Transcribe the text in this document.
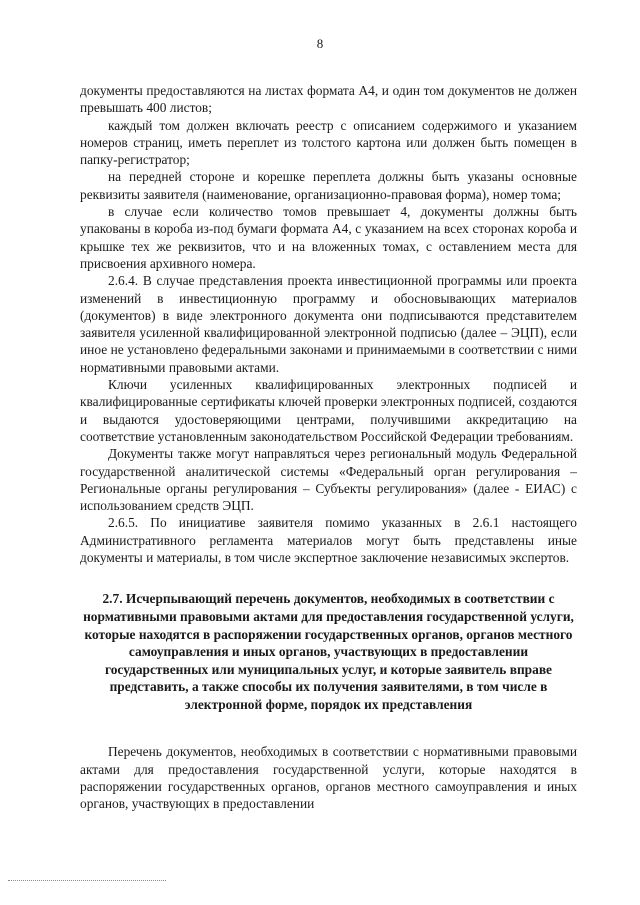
8

документы предоставляются на листах формата А4, и один том документов не должен превышать 400 листов;

каждый том должен включать реестр с описанием содержимого и указанием номеров страниц, иметь переплет из толстого картона или должен быть помещен в папку-регистратор;

на передней стороне и корешке переплета должны быть указаны основные реквизиты заявителя (наименование, организационно-правовая форма), номер тома;

в случае если количество томов превышает 4, документы должны быть упакованы в короба из-под бумаги формата А4, с указанием на всех сторонах короба и крышке тех же реквизитов, что и на вложенных томах, с оставлением места для присвоения архивного номера.

2.6.4. В случае представления проекта инвестиционной программы или проекта изменений в инвестиционную программу и обосновывающих материалов (документов) в виде электронного документа они подписываются представителем заявителя усиленной квалифицированной электронной подписью (далее – ЭЦП), если иное не установлено федеральными законами и принимаемыми в соответствии с ними нормативными правовыми актами.

Ключи усиленных квалифицированных электронных подписей и квалифицированные сертификаты ключей проверки электронных подписей, создаются и выдаются удостоверяющими центрами, получившими аккредитацию на соответствие установленным законодательством Российской Федерации требованиям.

Документы также могут направляться через региональный модуль Федеральной государственной аналитической системы «Федеральный орган регулирования – Региональные органы регулирования – Субъекты регулирования» (далее - ЕИАС) с использованием средств ЭЦП.

2.6.5. По инициативе заявителя помимо указанных в 2.6.1 настоящего Административного регламента материалов могут быть представлены иные документы и материалы, в том числе экспертное заключение независимых экспертов.

2.7. Исчерпывающий перечень документов, необходимых в соответствии с нормативными правовыми актами для предоставления государственной услуги, которые находятся в распоряжении государственных органов, органов местного самоуправления и иных органов, участвующих в предоставлении государственных или муниципальных услуг, и которые заявитель вправе представить, а также способы их получения заявителями, в том числе в электронной форме, порядок их представления

Перечень документов, необходимых в соответствии с нормативными правовыми актами для предоставления государственной услуги, которые находятся в распоряжении государственных органов, органов местного самоуправления и иных органов, участвующих в предоставлении
